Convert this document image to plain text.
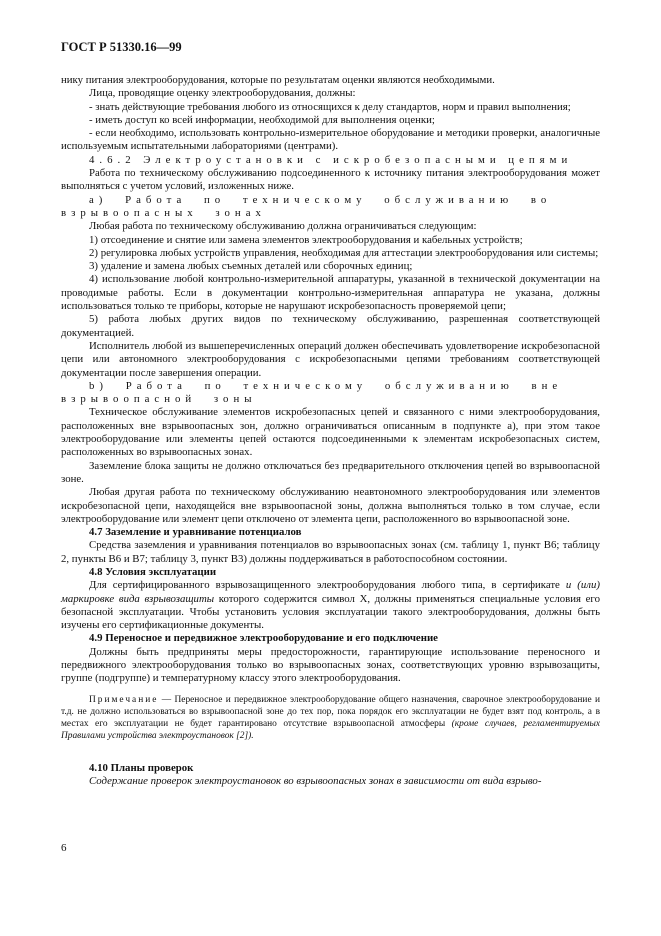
ГОСТ Р 51330.16—99

нику питания электрооборудования, которые по результатам оценки являются необходимыми.

Лица, проводящие оценку электрооборудования, должны:

- знать действующие требования любого из относящихся к делу стандартов, норм и правил выполнения;

- иметь доступ ко всей информации, необходимой для выполнения оценки;

- если необходимо, использовать контрольно-измерительное оборудование и методики проверки, аналогичные используемым испытательными лабораториями (центрами).

4.6.2 Электроустановки с искробезопасными цепями

Работа по техническому обслуживанию подсоединенного к источнику питания электрооборудования может выполняться с учетом условий, изложенных ниже.

а) Работа по техническому обслуживанию во взрывоопасных зонах

Любая работа по техническому обслуживанию должна ограничиваться следующим:

1) отсоединение и снятие или замена элементов электрооборудования и кабельных устройств;

2) регулировка любых устройств управления, необходимая для аттестации электрооборудования или системы;

3) удаление и замена любых съемных деталей или сборочных единиц;

4) использование любой контрольно-измерительной аппаратуры, указанной в технической документации на проводимые работы. Если в документации контрольно-измерительная аппаратура не указана, должны использоваться только те приборы, которые не нарушают искробезопасность проверяемой цепи;

5) работа любых других видов по техническому обслуживанию, разрешенная соответствующей документацией.

Исполнитель любой из вышеперечисленных операций должен обеспечивать удовлетворение искробезопасной цепи или автономного электрооборудования с искробезопасными цепями требованиям соответствующей документации после завершения операции.

b) Работа по техническому обслуживанию вне взрывоопасной зоны

Техническое обслуживание элементов искробезопасных цепей и связанного с ними электрооборудования, расположенных вне взрывоопасных зон, должно ограничиваться описанным в подпункте а), при этом такое электрооборудование или элементы цепей остаются подсоединенными к элементам искробезопасных систем, расположенных во взрывоопасных зонах.

Заземление блока защиты не должно отключаться без предварительного отключения цепей во взрывоопасной зоне.

Любая другая работа по техническому обслуживанию неавтономного электрооборудования или элементов искробезопасной цепи, находящейся вне взрывоопасной зоны, должна выполняться только в том случае, если электрооборудование или элемент цепи отключено от элемента цепи, расположенного во взрывоопасной зоне.

4.7 Заземление и уравнивание потенциалов

Средства заземления и уравнивания потенциалов во взрывоопасных зонах (см. таблицу 1, пункт В6; таблицу 2, пункты В6 и В7; таблицу 3, пункт В3) должны поддерживаться в работоспособном состоянии.

4.8 Условия эксплуатации

Для сертифицированного взрывозащищенного электрооборудования любого типа, в сертификате и (или) маркировке вида взрывозащиты которого содержится символ X, должны применяться специальные условия его безопасной эксплуатации. Чтобы установить условия эксплуатации такого электрооборудования, должны быть изучены его сертификационные документы.

4.9 Переносное и передвижное электрооборудование и его подключение

Должны быть предприняты меры предосторожности, гарантирующие использование переносного и передвижного электрооборудования только во взрывоопасных зонах, соответствующих уровню взрывозащиты, группе (подгруппе) и температурному классу этого электрооборудования.

Примечание — Переносное и передвижное электрооборудование общего назначения, сварочное электрооборудование и т.д. не должно использоваться во взрывоопасной зоне до тех пор, пока порядок его эксплуатации не будет взят под контроль, а в местах его эксплуатации не будет гарантировано отсутствие взрывоопасной атмосферы (кроме случаев, регламентируемых Правилами устройства электроустановок [2]).

4.10 Планы проверок

Содержание проверок электроустановок во взрывоопасных зонах в зависимости от вида взрыво-

6
